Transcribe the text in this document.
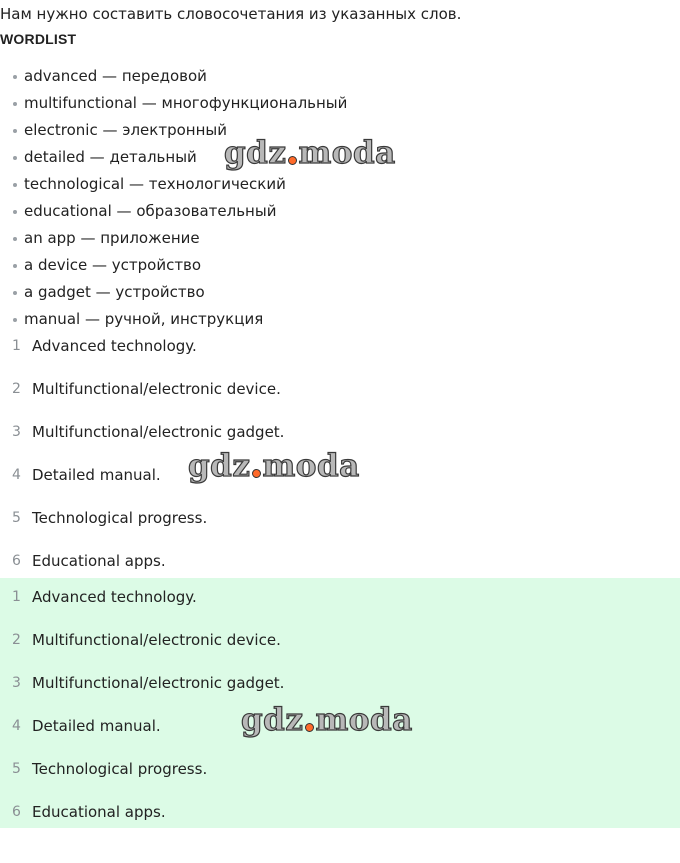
Нам нужно составить словосочетания из указанных слов.
WORDLIST
advanced — передовой
multifunctional — многофункциональный
electronic — электронный
detailed — детальный
technological — технологический
educational — образовательный
an app — приложение
a device — устройство
a gadget — устройство
manual — ручной, инструкция
1 Advanced technology.
2 Multifunctional/electronic device.
3 Multifunctional/electronic gadget.
4 Detailed manual.
5 Technological progress.
6 Educational apps.
1 Advanced technology.
2 Multifunctional/electronic device.
3 Multifunctional/electronic gadget.
4 Detailed manual.
5 Technological progress.
6 Educational apps.
gdz moda
gdz moda
gdz moda
